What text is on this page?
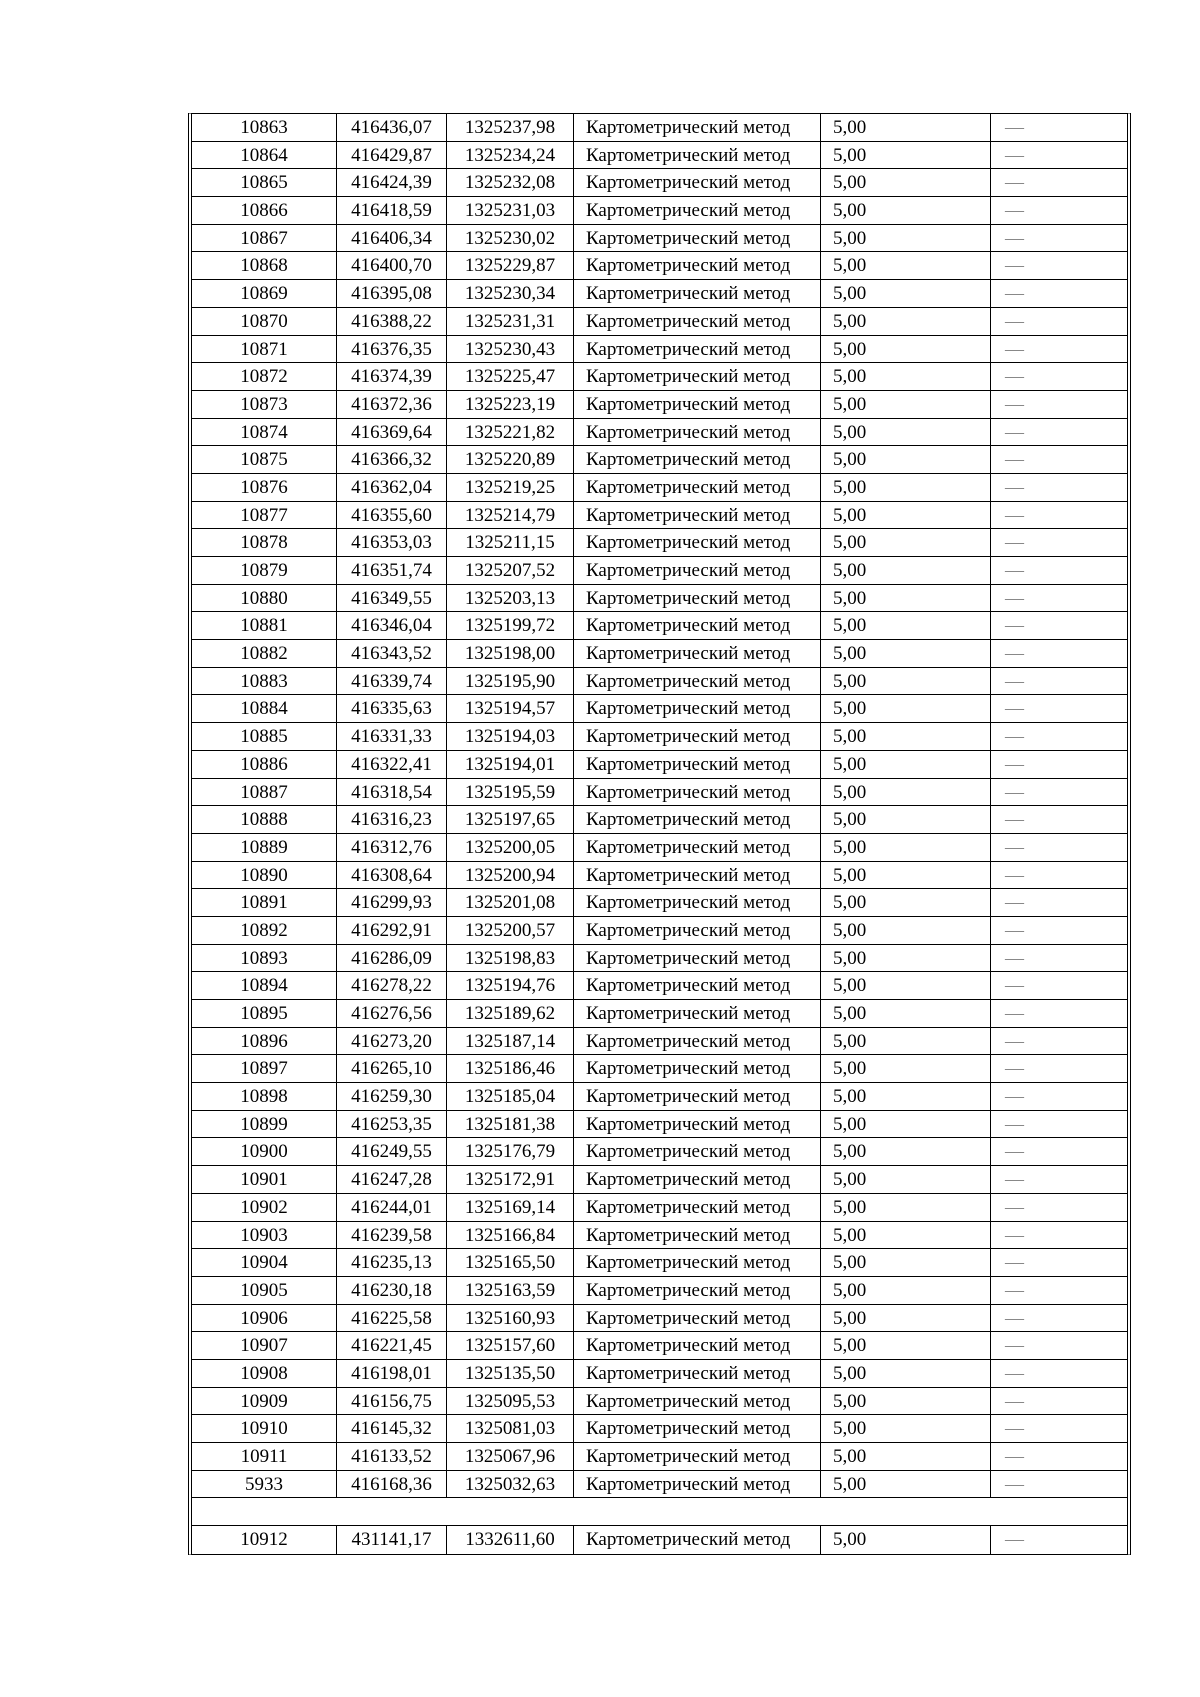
10863	416436,07	1325237,98	Картометрический метод	5,00	—
10864	416429,87	1325234,24	Картометрический метод	5,00	—
10865	416424,39	1325232,08	Картометрический метод	5,00	—
10866	416418,59	1325231,03	Картометрический метод	5,00	—
10867	416406,34	1325230,02	Картометрический метод	5,00	—
10868	416400,70	1325229,87	Картометрический метод	5,00	—
10869	416395,08	1325230,34	Картометрический метод	5,00	—
10870	416388,22	1325231,31	Картометрический метод	5,00	—
10871	416376,35	1325230,43	Картометрический метод	5,00	—
10872	416374,39	1325225,47	Картометрический метод	5,00	—
10873	416372,36	1325223,19	Картометрический метод	5,00	—
10874	416369,64	1325221,82	Картометрический метод	5,00	—
10875	416366,32	1325220,89	Картометрический метод	5,00	—
10876	416362,04	1325219,25	Картометрический метод	5,00	—
10877	416355,60	1325214,79	Картометрический метод	5,00	—
10878	416353,03	1325211,15	Картометрический метод	5,00	—
10879	416351,74	1325207,52	Картометрический метод	5,00	—
10880	416349,55	1325203,13	Картометрический метод	5,00	—
10881	416346,04	1325199,72	Картометрический метод	5,00	—
10882	416343,52	1325198,00	Картометрический метод	5,00	—
10883	416339,74	1325195,90	Картометрический метод	5,00	—
10884	416335,63	1325194,57	Картометрический метод	5,00	—
10885	416331,33	1325194,03	Картометрический метод	5,00	—
10886	416322,41	1325194,01	Картометрический метод	5,00	—
10887	416318,54	1325195,59	Картометрический метод	5,00	—
10888	416316,23	1325197,65	Картометрический метод	5,00	—
10889	416312,76	1325200,05	Картометрический метод	5,00	—
10890	416308,64	1325200,94	Картометрический метод	5,00	—
10891	416299,93	1325201,08	Картометрический метод	5,00	—
10892	416292,91	1325200,57	Картометрический метод	5,00	—
10893	416286,09	1325198,83	Картометрический метод	5,00	—
10894	416278,22	1325194,76	Картометрический метод	5,00	—
10895	416276,56	1325189,62	Картометрический метод	5,00	—
10896	416273,20	1325187,14	Картометрический метод	5,00	—
10897	416265,10	1325186,46	Картометрический метод	5,00	—
10898	416259,30	1325185,04	Картометрический метод	5,00	—
10899	416253,35	1325181,38	Картометрический метод	5,00	—
10900	416249,55	1325176,79	Картометрический метод	5,00	—
10901	416247,28	1325172,91	Картометрический метод	5,00	—
10902	416244,01	1325169,14	Картометрический метод	5,00	—
10903	416239,58	1325166,84	Картометрический метод	5,00	—
10904	416235,13	1325165,50	Картометрический метод	5,00	—
10905	416230,18	1325163,59	Картометрический метод	5,00	—
10906	416225,58	1325160,93	Картометрический метод	5,00	—
10907	416221,45	1325157,60	Картометрический метод	5,00	—
10908	416198,01	1325135,50	Картометрический метод	5,00	—
10909	416156,75	1325095,53	Картометрический метод	5,00	—
10910	416145,32	1325081,03	Картометрический метод	5,00	—
10911	416133,52	1325067,96	Картометрический метод	5,00	—
5933	416168,36	1325032,63	Картометрический метод	5,00	—
10912	431141,17	1332611,60	Картометрический метод	5,00	—
